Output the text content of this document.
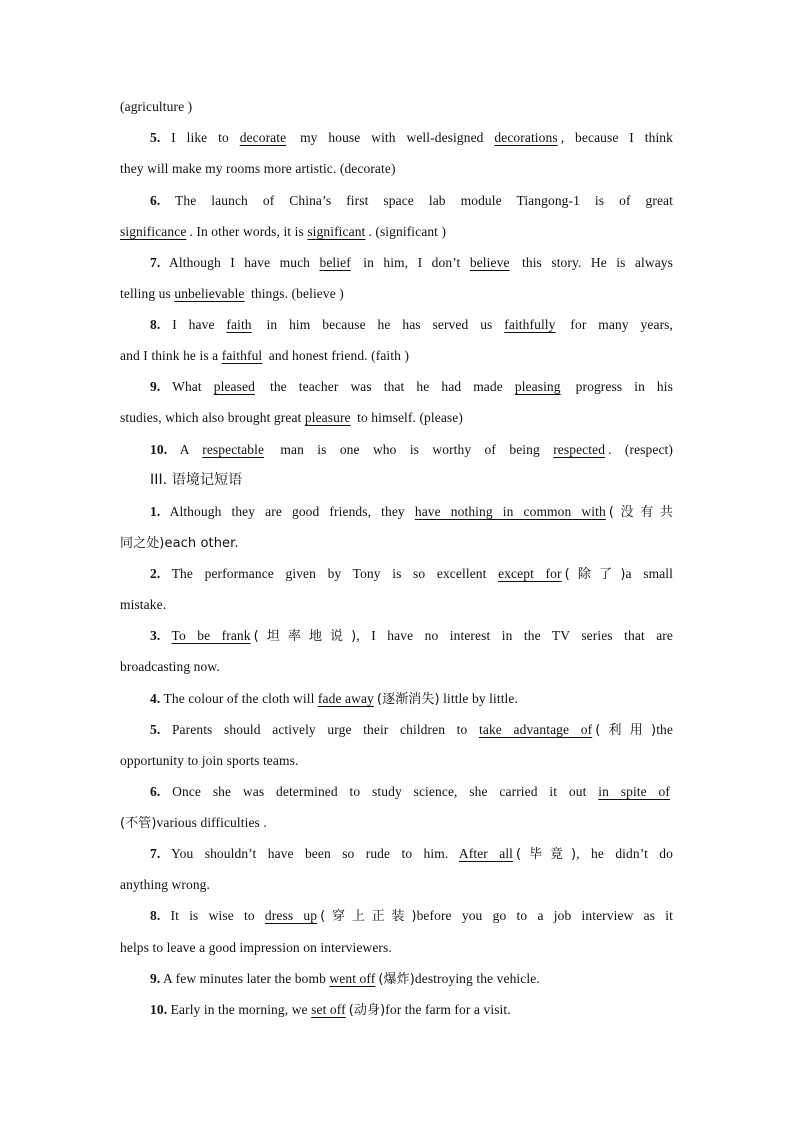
(agriculture )
5. I like to decorate my house with well-designed decorations , because I think
they will make my rooms more artistic. (decorate)
6. The launch of China’s first space lab module Tiangong-1 is of great
significance . In other words, it is significant . (significant )
7. Although I have much belief in him, I don’t believe this story. He is always
telling us unbelievable things. (believe )
8. I have faith in him because he has served us faithfully for many years,
and I think he is a faithful and honest friend. (faith )
9. What pleased the teacher was that he had made pleasing progress in his
studies, which also brought great pleasure to himself. (please)
10. A respectable man is one who is worthy of being respected . (respect)
III. 语境记短语
1. Although they are good friends, they have nothing in common with (没有共
同之处)each other.
2. The performance given by Tony is so excellent except for (除了)a small
mistake.
3. To be frank (坦率地说), I have no interest in the TV series that are
broadcasting now.
4. The colour of the cloth will fade away (逐渐消失) little by little.
5. Parents should actively urge their children to take advantage of (利用)the
opportunity to join sports teams.
6. Once she was determined to study science, she carried it out in spite of
(不管)various difficulties .
7. You shouldn’t have been so rude to him. After all (毕竟), he didn’t do
anything wrong.
8. It is wise to dress up (穿上正装)before you go to a job interview as it
helps to leave a good impression on interviewers.
9. A few minutes later the bomb went off (爆炸)destroying the vehicle.
10. Early in the morning, we set off (动身)for the farm for a visit.
